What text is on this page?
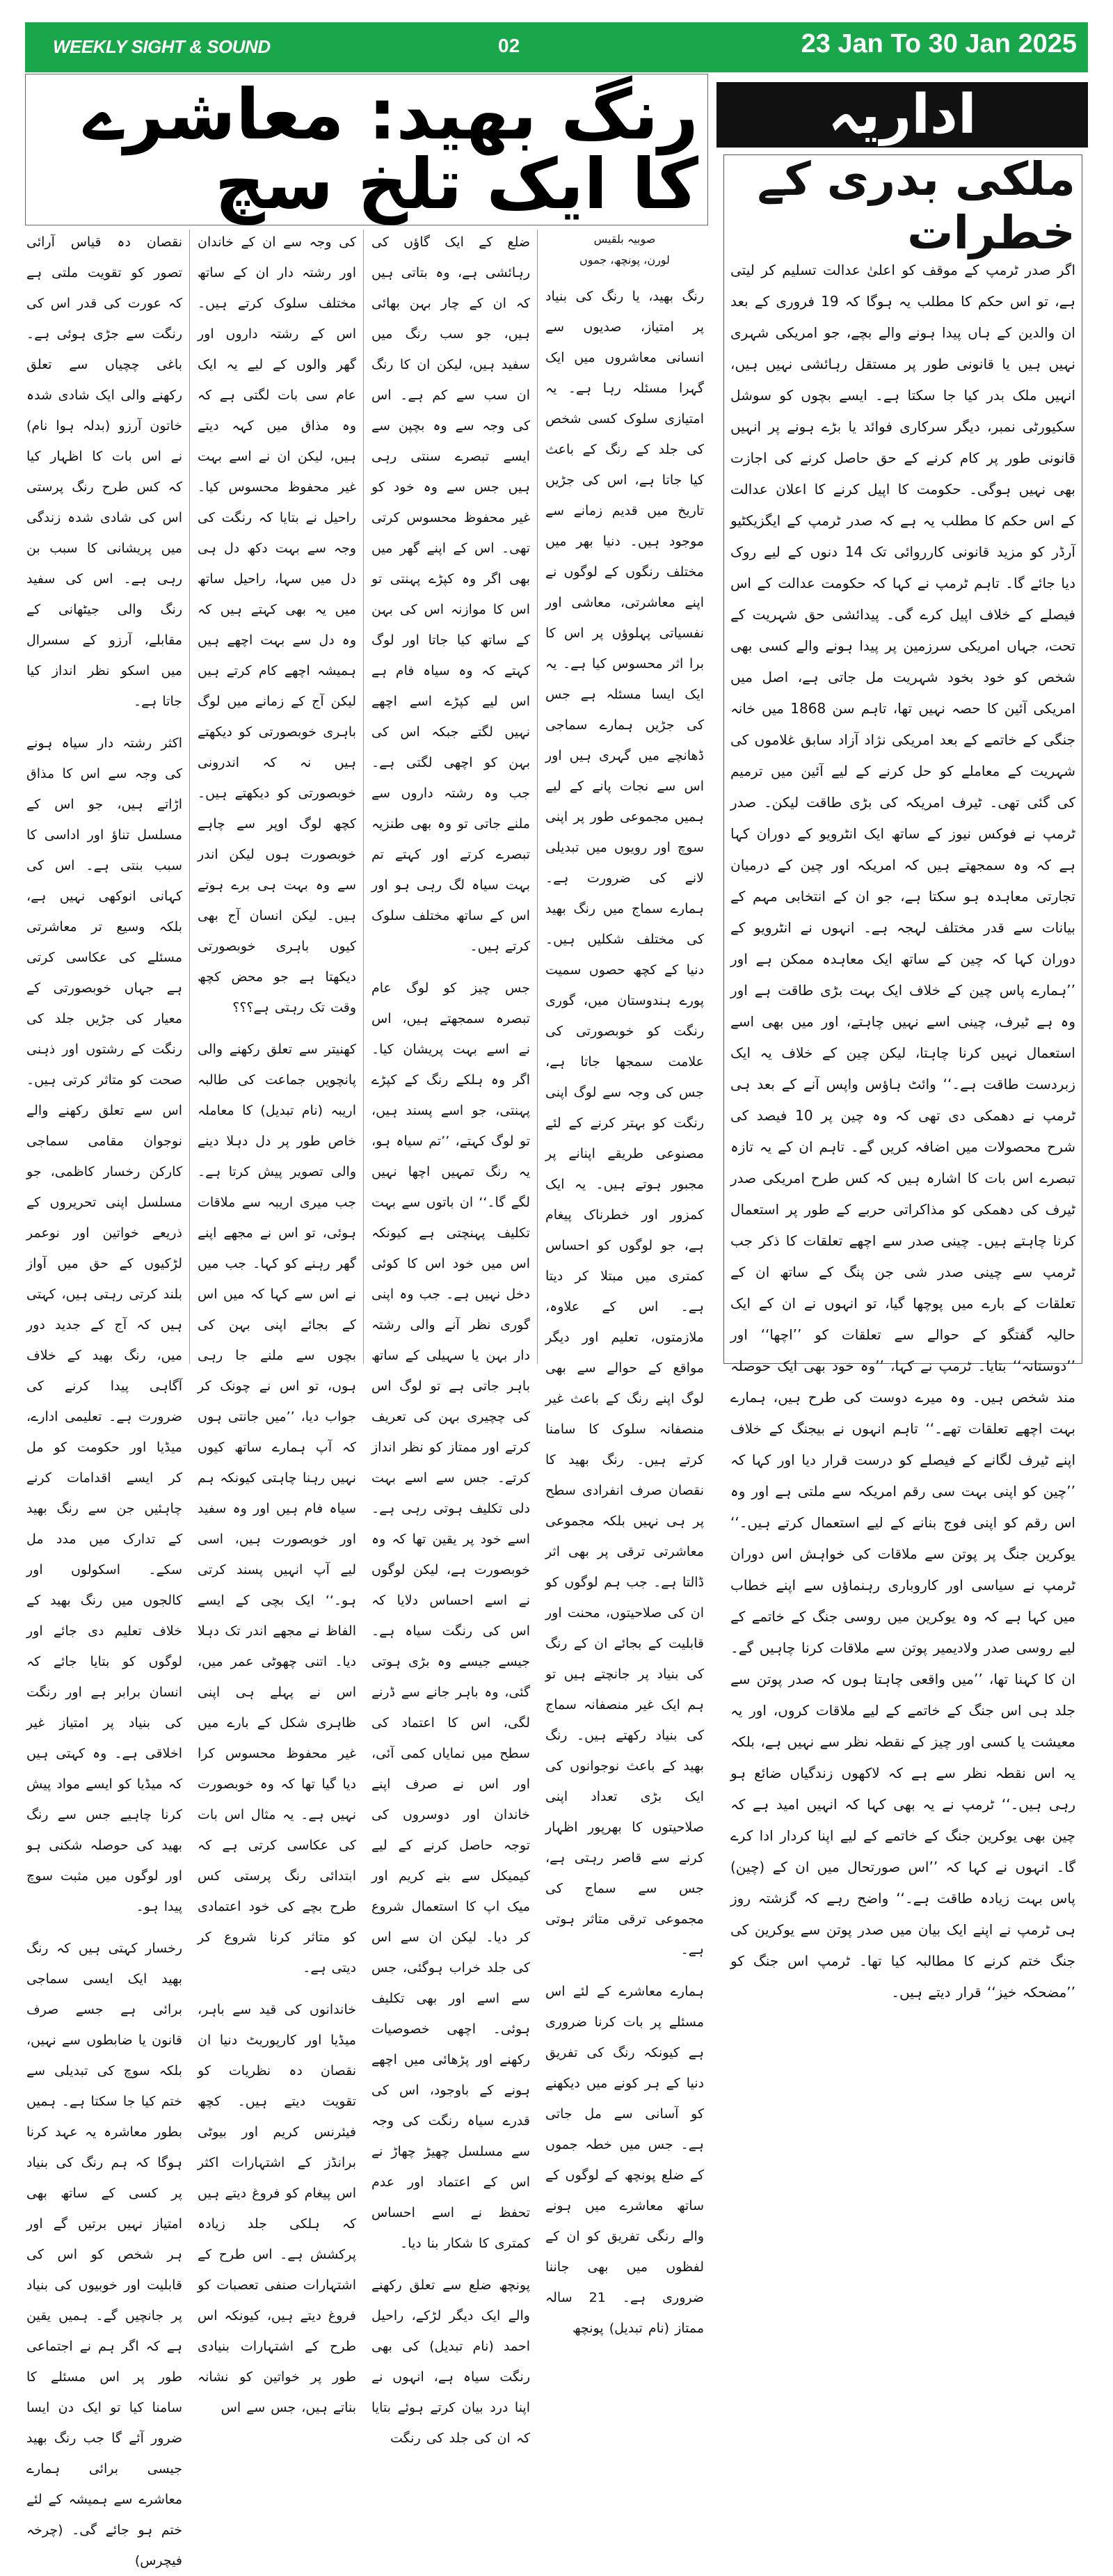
WEEKLY SIGHT & SOUND	02	23 Jan To 30 Jan 2025
رنگ بھید: معاشرے کا ایک تلخ سچ
اداریہ
ملکی بدری کے خطرات

اگر صدر ٹرمپ کے موقف کو اعلیٰ عدالت تسلیم کر لیتی ہے، تو اس حکم کا مطلب یہ ہوگا کہ 19 فروری کے بعد ان والدین کے ہاں پیدا ہونے والے بچے، جو امریکی شہری نہیں ہیں یا قانونی طور پر مستقل رہائشی نہیں ہیں، انہیں ملک بدر کیا جا سکتا ہے۔ ایسے بچوں کو سوشل سکیورٹی نمبر، دیگر سرکاری فوائد یا بڑے ہونے پر انہیں قانونی طور پر کام کرنے کے حق حاصل کرنے کی اجازت بھی نہیں ہوگی۔ حکومت کا اپیل کرنے کا اعلان عدالت کے اس حکم کا مطلب یہ ہے کہ صدر ٹرمپ کے ایگزیکٹیو آرڈر کو مزید قانونی کارروائی تک 14 دنوں کے لیے روک دیا جائے گا۔ تاہم ٹرمپ نے کہا کہ حکومت عدالت کے اس فیصلے کے خلاف اپیل کرے گی۔ پیدائشی حق شہریت کے تحت، جہاں امریکی سرزمین پر پیدا ہونے والے کسی بھی شخص کو خود بخود شہریت مل جاتی ہے، اصل میں امریکی آئین کا حصہ نہیں تھا، تاہم سن 1868 میں خانہ جنگی کے خاتمے کے بعد امریکی نژاد آزاد سابق غلاموں کی شہریت کے معاملے کو حل کرنے کے لیے آئین میں ترمیم کی گئی تھی۔ ٹیرف امریکہ کی بڑی طاقت لیکن۔ صدر ٹرمپ نے فوکس نیوز کے ساتھ ایک انٹرویو کے دوران کہا ہے کہ وہ سمجھتے ہیں کہ امریکہ اور چین کے درمیان تجارتی معاہدہ ہو سکتا ہے، جو ان کے انتخابی مہم کے بیانات سے قدر مختلف لہجہ ہے۔ انہوں نے انٹرویو کے دوران کہا کہ چین کے ساتھ ایک معاہدہ ممکن ہے اور ’’ہمارے پاس چین کے خلاف ایک بہت بڑی طاقت ہے اور وہ ہے ٹیرف، چینی اسے نہیں چاہتے، اور میں بھی اسے استعمال نہیں کرنا چاہتا، لیکن چین کے خلاف یہ ایک زبردست طاقت ہے۔‘‘ وائٹ ہاؤس واپس آنے کے بعد ہی ٹرمپ نے دھمکی دی تھی کہ وہ چین پر 10 فیصد کی شرح محصولات میں اضافہ کریں گے۔ تاہم ان کے یہ تازہ تبصرے اس بات کا اشارہ ہیں کہ کس طرح امریکی صدر ٹیرف کی دھمکی کو مذاکراتی حربے کے طور پر استعمال کرنا چاہتے ہیں۔ چینی صدر سے اچھے تعلقات کا ذکر جب ٹرمپ سے چینی صدر شی جن پنگ کے ساتھ ان کے تعلقات کے بارے میں پوچھا گیا، تو انہوں نے ان کے ایک حالیہ گفتگو کے حوالے سے تعلقات کو ’’اچھا‘‘ اور ’’دوستانہ‘‘ بتایا۔ ٹرمپ نے کہا، ’’وہ خود بھی ایک حوصلہ مند شخص ہیں۔ وہ میرے دوست کی طرح ہیں، ہمارے بہت اچھے تعلقات تھے۔‘‘ تاہم انہوں نے بیجنگ کے خلاف اپنے ٹیرف لگانے کے فیصلے کو درست قرار دیا اور کہا کہ ’’چین کو اپنی بہت سی رقم امریکہ سے ملتی ہے اور وہ اس رقم کو اپنی فوج بنانے کے لیے استعمال کرتے ہیں۔‘‘ یوکرین جنگ پر پوتن سے ملاقات کی خواہش اس دوران ٹرمپ نے سیاسی اور کاروباری رہنماؤں سے اپنے خطاب میں کہا ہے کہ وہ یوکرین میں روسی جنگ کے خاتمے کے لیے روسی صدر ولادیمیر پوتن سے ملاقات کرنا چاہیں گے۔ ان کا کہنا تھا، ’’میں واقعی چاہتا ہوں کہ صدر پوتن سے جلد ہی اس جنگ کے خاتمے کے لیے ملاقات کروں، اور یہ معیشت یا کسی اور چیز کے نقطہ نظر سے نہیں ہے، بلکہ یہ اس نقطہ نظر سے ہے کہ لاکھوں زندگیاں ضائع ہو رہی ہیں۔‘‘ ٹرمپ نے یہ بھی کہا کہ انہیں امید ہے کہ چین بھی یوکرین جنگ کے خاتمے کے لیے اپنا کردار ادا کرے گا۔ انہوں نے کہا کہ ’’اس صورتحال میں ان کے (چین) پاس بہت زیادہ طاقت ہے۔‘‘ واضح رہے کہ گزشتہ روز ہی ٹرمپ نے اپنے ایک بیان میں صدر پوتن سے یوکرین کی جنگ ختم کرنے کا مطالبہ کیا تھا۔ ٹرمپ اس جنگ کو ’’مضحکہ خیز‘‘ قرار دیتے ہیں۔

صوبیہ بلقیس
لورن، پونچھ، جموں

رنگ بھید، یا رنگ کی بنیاد پر امتیاز، صدیوں سے انسانی معاشروں میں ایک گہرا مسئلہ رہا ہے۔ یہ امتیازی سلوک کسی شخص کی جلد کے رنگ کے باعث کیا جاتا ہے، اس کی جڑیں تاریخ میں قدیم زمانے سے موجود ہیں۔ دنیا بھر میں مختلف رنگوں کے لوگوں نے اپنے معاشرتی، معاشی اور نفسیاتی پہلوؤں پر اس کا برا اثر محسوس کیا ہے۔ یہ ایک ایسا مسئلہ ہے جس کی جڑیں ہمارے سماجی ڈھانچے میں گہری ہیں اور اس سے نجات پانے کے لیے ہمیں مجموعی طور پر اپنی سوچ اور رویوں میں تبدیلی لانے کی ضرورت ہے۔ ہمارے سماج میں رنگ بھید کی مختلف شکلیں ہیں۔ دنیا کے کچھ حصوں سمیت پورے ہندوستان میں، گوری رنگت کو خوبصورتی کی علامت سمجھا جاتا ہے، جس کی وجہ سے لوگ اپنی رنگت کو بہتر کرنے کے لئے مصنوعی طریقے اپنانے پر مجبور ہوتے ہیں۔ یہ ایک کمزور اور خطرناک پیغام ہے، جو لوگوں کو احساس کمتری میں مبتلا کر دیتا ہے۔ اس کے علاوہ، ملازمتوں، تعلیم اور دیگر مواقع کے حوالے سے بھی لوگ اپنے رنگ کے باعث غیر منصفانہ سلوک کا سامنا کرتے ہیں۔ رنگ بھید کا نقصان صرف انفرادی سطح پر ہی نہیں بلکہ مجموعی معاشرتی ترقی پر بھی اثر ڈالتا ہے۔ جب ہم لوگوں کو ان کی صلاحیتوں، محنت اور قابلیت کے بجائے ان کے رنگ کی بنیاد پر جانچتے ہیں تو ہم ایک غیر منصفانہ سماج کی بنیاد رکھتے ہیں۔ رنگ بھید کے باعث نوجوانوں کی ایک بڑی تعداد اپنی صلاحیتوں کا بھرپور اظہار کرنے سے قاصر رہتی ہے، جس سے سماج کی مجموعی ترقی متاثر ہوتی ہے۔

ہمارے معاشرے کے لئے اس مسئلے پر بات کرنا ضروری ہے کیونکہ رنگ کی تفریق دنیا کے ہر کونے میں دیکھنے کو آسانی سے مل جاتی ہے۔ جس میں خطہ جموں کے ضلع پونچھ کے لوگوں کے ساتھ معاشرے میں ہونے والے رنگی تفریق کو ان کے لفظوں میں بھی جاننا ضروری ہے۔ 21 سالہ ممتاز (نام تبدیل) پونچھ

ضلع کے ایک گاؤں کی رہائشی ہے، وہ بتاتی ہیں کہ ان کے چار بہن بھائی ہیں، جو سب رنگ میں سفید ہیں، لیکن ان کا رنگ ان سب سے کم ہے۔ اس کی وجہ سے وہ بچپن سے ایسے تبصرے سنتی رہی ہیں جس سے وہ خود کو غیر محفوظ محسوس کرتی تھی۔ اس کے اپنے گھر میں بھی اگر وہ کپڑے پہنتی تو اس کا موازنہ اس کی بہن کے ساتھ کیا جاتا اور لوگ کہتے کہ وہ سیاہ فام ہے اس لیے کپڑے اسے اچھے نہیں لگتے جبکہ اس کی بہن کو اچھی لگتی ہے۔ جب وہ رشتہ داروں سے ملنے جاتی تو وہ بھی طنزیہ تبصرے کرتے اور کہتے تم بہت سیاہ لگ رہی ہو اور اس کے ساتھ مختلف سلوک کرتے ہیں۔

جس چیز کو لوگ عام تبصرہ سمجھتے ہیں، اس نے اسے بہت پریشان کیا۔ اگر وہ ہلکے رنگ کے کپڑے پہنتی، جو اسے پسند ہیں، تو لوگ کہتے، ’’تم سیاہ ہو، یہ رنگ تمہیں اچھا نہیں لگے گا۔‘‘ ان باتوں سے بہت تکلیف پہنچتی ہے کیونکہ اس میں خود اس کا کوئی دخل نہیں ہے۔ جب وہ اپنی گوری نظر آنے والی رشتہ دار بہن یا سہیلی کے ساتھ باہر جاتی ہے تو لوگ اس کی چچیری بہن کی تعریف کرتے اور ممتاز کو نظر انداز کرتے۔ جس سے اسے بہت دلی تکلیف ہوتی رہی ہے۔ اسے خود پر یقین تھا کہ وہ خوبصورت ہے، لیکن لوگوں نے اسے احساس دلایا کہ اس کی رنگت سیاہ ہے۔ جیسے جیسے وہ بڑی ہوتی گئی، وہ باہر جانے سے ڈرنے لگی، اس کا اعتماد کی سطح میں نمایاں کمی آئی، اور اس نے صرف اپنے خاندان اور دوسروں کی توجہ حاصل کرنے کے لیے کیمیکل سے بنے کریم اور میک اپ کا استعمال شروع کر دیا۔ لیکن ان سے اس کی جلد خراب ہوگئی، جس سے اسے اور بھی تکلیف ہوئی۔ اچھی خصوصیات رکھنے اور پڑھائی میں اچھے ہونے کے باوجود، اس کی قدرے سیاہ رنگت کی وجہ سے مسلسل چھیڑ چھاڑ نے اس کے اعتماد اور عدم تحفظ نے اسے احساس کمتری کا شکار بنا دیا۔

پونچھ ضلع سے تعلق رکھنے والے ایک دیگر لڑکے، راحیل احمد (نام تبدیل) کی بھی رنگت سیاہ ہے، انہوں نے اپنا درد بیان کرتے ہوئے بتایا کہ ان کی جلد کی رنگت

کی وجہ سے ان کے خاندان اور رشتہ دار ان کے ساتھ مختلف سلوک کرتے ہیں۔ اس کے رشتہ داروں اور گھر والوں کے لیے یہ ایک عام سی بات لگتی ہے کہ وہ مذاق میں کہہ دیتے ہیں، لیکن ان نے اسے بہت غیر محفوظ محسوس کیا۔ راحیل نے بتایا کہ رنگت کی وجہ سے بہت دکھ دل ہی دل میں سہا، راحیل ساتھ میں یہ بھی کہتے ہیں کہ وہ دل سے بہت اچھے ہیں ہمیشہ اچھے کام کرتے ہیں لیکن آج کے زمانے میں لوگ باہری خوبصورتی کو دیکھتے ہیں نہ کہ اندرونی خوبصورتی کو دیکھتے ہیں۔ کچھ لوگ اوپر سے چاہے خوبصورت ہوں لیکن اندر سے وہ بہت ہی برے ہوتے ہیں۔ لیکن انسان آج بھی کیوں باہری خوبصورتی دیکھتا ہے جو محض کچھ وقت تک رہتی ہے؟؟؟

کھنیتر سے تعلق رکھنے والی پانچویں جماعت کی طالبہ اریبہ (نام تبدیل) کا معاملہ خاص طور پر دل دہلا دینے والی تصویر پیش کرتا ہے۔ جب میری اریبہ سے ملاقات ہوئی، تو اس نے مجھے اپنے گھر رہنے کو کہا۔ جب میں نے اس سے کہا کہ میں اس کے بجائے اپنی بہن کی بچوں سے ملنے جا رہی ہوں، تو اس نے چونک کر جواب دیا، ’’میں جانتی ہوں کہ آپ ہمارے ساتھ کیوں نہیں رہنا چاہتی کیونکہ ہم سیاہ فام ہیں اور وہ سفید اور خوبصورت ہیں، اسی لیے آپ انہیں پسند کرتی ہو۔‘‘ ایک بچی کے ایسے الفاظ نے مجھے اندر تک دہلا دیا۔ اتنی چھوٹی عمر میں، اس نے پہلے ہی اپنی ظاہری شکل کے بارے میں غیر محفوظ محسوس کرا دیا گیا تھا کہ وہ خوبصورت نہیں ہے۔ یہ مثال اس بات کی عکاسی کرتی ہے کہ ابتدائی رنگ پرستی کس طرح بچے کی خود اعتمادی کو متاثر کرنا شروع کر دیتی ہے۔

خاندانوں کی قید سے باہر، میڈیا اور کارپوریٹ دنیا ان نقصان دہ نظریات کو تقویت دیتے ہیں۔ کچھ فیئرنس کریم اور بیوٹی برانڈز کے اشتہارات اکثر اس پیغام کو فروغ دیتے ہیں کہ ہلکی جلد زیادہ پرکشش ہے۔ اس طرح کے اشتہارات صنفی تعصبات کو فروغ دیتے ہیں، کیونکہ اس طرح کے اشتہارات بنیادی طور پر خواتین کو نشانہ بناتے ہیں، جس سے اس

نقصان دہ قیاس آرائی تصور کو تقویت ملتی ہے کہ عورت کی قدر اس کی رنگت سے جڑی ہوئی ہے۔ باغی چچیاں سے تعلق رکھنے والی ایک شادی شدہ خاتون آرزو (بدلہ ہوا نام) نے اس بات کا اظہار کیا کہ کس طرح رنگ پرستی اس کی شادی شدہ زندگی میں پریشانی کا سبب بن رہی ہے۔ اس کی سفید رنگ والی جیٹھانی کے مقابلے، آرزو کے سسرال میں اسکو نظر انداز کیا جاتا ہے۔

اکثر رشتہ دار سیاہ ہونے کی وجہ سے اس کا مذاق اڑاتے ہیں، جو اس کے مسلسل تناؤ اور اداسی کا سبب بنتی ہے۔ اس کی کہانی انوکھی نہیں ہے، بلکہ وسیع تر معاشرتی مسئلے کی عکاسی کرتی ہے جہاں خوبصورتی کے معیار کی جڑیں جلد کی رنگت کے رشتوں اور ذہنی صحت کو متاثر کرتی ہیں۔ اس سے تعلق رکھنے والے نوجوان مقامی سماجی کارکن رخسار کاظمی، جو مسلسل اپنی تحریروں کے ذریعے خواتین اور نوعمر لڑکیوں کے حق میں آواز بلند کرتی رہتی ہیں، کہتی ہیں کہ آج کے جدید دور میں، رنگ بھید کے خلاف آگاہی پیدا کرنے کی ضرورت ہے۔ تعلیمی ادارے، میڈیا اور حکومت کو مل کر ایسے اقدامات کرنے چاہئیں جن سے رنگ بھید کے تدارک میں مدد مل سکے۔ اسکولوں اور کالجوں میں رنگ بھید کے خلاف تعلیم دی جائے اور لوگوں کو بتایا جائے کہ انسان برابر ہے اور رنگت کی بنیاد پر امتیاز غیر اخلاقی ہے۔ وہ کہتی ہیں کہ میڈیا کو ایسے مواد پیش کرنا چاہیے جس سے رنگ بھید کی حوصلہ شکنی ہو اور لوگوں میں مثبت سوچ پیدا ہو۔

رخسار کہتی ہیں کہ رنگ بھید ایک ایسی سماجی برائی ہے جسے صرف قانون یا ضابطوں سے نہیں، بلکہ سوچ کی تبدیلی سے ختم کیا جا سکتا ہے۔ ہمیں بطور معاشرہ یہ عہد کرنا ہوگا کہ ہم رنگ کی بنیاد پر کسی کے ساتھ بھی امتیاز نہیں برتیں گے اور ہر شخص کو اس کی قابلیت اور خوبیوں کی بنیاد پر جانچیں گے۔ ہمیں یقین ہے کہ اگر ہم نے اجتماعی طور پر اس مسئلے کا سامنا کیا تو ایک دن ایسا ضرور آئے گا جب رنگ بھید جیسی برائی ہمارے معاشرے سے ہمیشہ کے لئے ختم ہو جائے گی۔ (چرخہ فیچرس)
